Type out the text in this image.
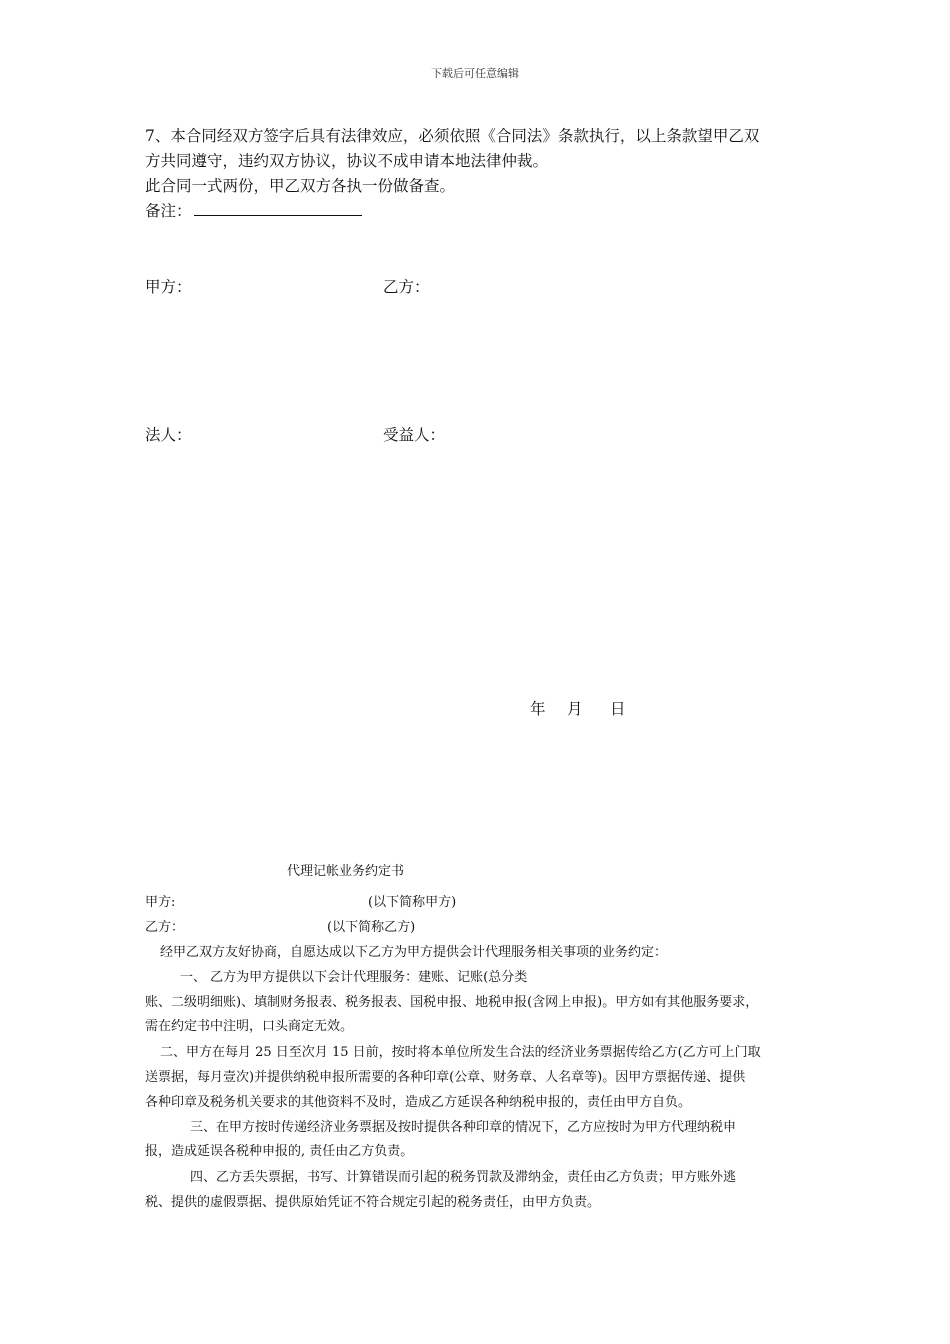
下载后可任意编辑
7、本合同经双方签字后具有法律效应，必须依照《合同法》条款执行，以上条款望甲乙双
方共同遵守，违约双方协议，协议不成申请本地法律仲裁。
此合同一式两份，甲乙双方各执一份做备查。
备注：
甲方：	乙方：
法人：	受益人：
年 月 日
代理记帐业务约定书
甲方:	(以下简称甲方)
乙方：	(以下简称乙方)
经甲乙双方友好协商，自愿达成以下乙方为甲方提供会计代理服务相关事项的业务约定：
一、 乙方为甲方提供以下会计代理服务：建账、记账(总分类
账、二级明细账)、填制财务报表、税务报表、国税申报、地税申报(含网上申报)。甲方如有其他服务要求，
需在约定书中注明，口头商定无效。
二、甲方在每月 25 日至次月 15 日前，按时将本单位所发生合法的经济业务票据传给乙方(乙方可上门取
送票据，每月壹次)并提供纳税申报所需要的各种印章(公章、财务章、人名章等)。因甲方票据传递、提供
各种印章及税务机关要求的其他资料不及时，造成乙方延误各种纳税申报的，责任由甲方自负。
三、在甲方按时传递经济业务票据及按时提供各种印章的情况下，乙方应按时为甲方代理纳税申
报，造成延误各税种申报的, 责任由乙方负责。
四、乙方丢失票据，书写、计算错误而引起的税务罚款及滞纳金，责任由乙方负责；甲方账外逃
税、提供的虚假票据、提供原始凭证不符合规定引起的税务责任，由甲方负责。
